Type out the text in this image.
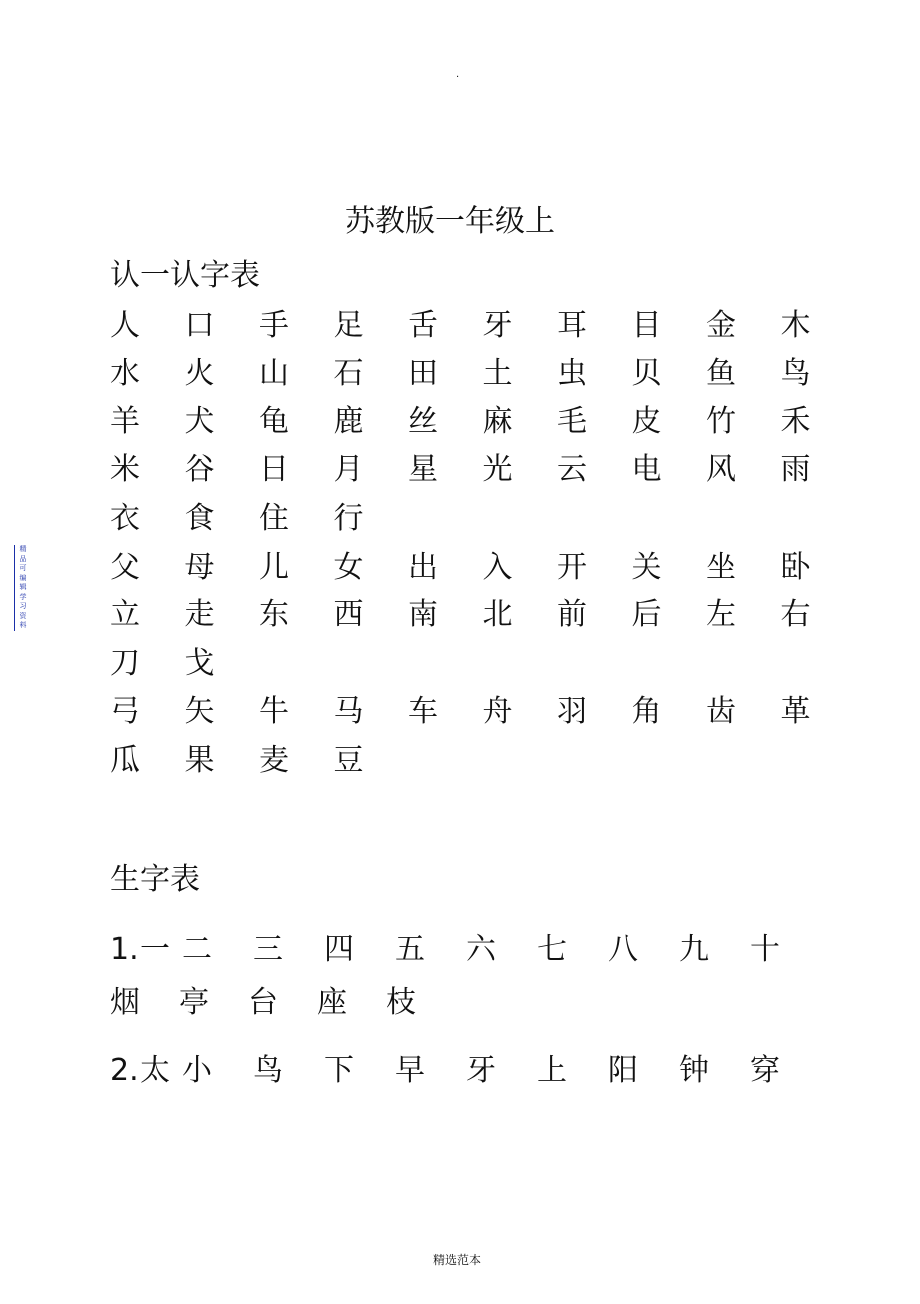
.
苏教版一年级上
认一认字表
人 口 手 足 舌 牙 耳 目 金 木
水 火 山 石 田 土 虫 贝 鱼 鸟
羊 犬 龟 鹿 丝 麻 毛 皮 竹 禾
米 谷 日 月 星 光 云 电 风 雨
衣 食 住 行
父 母 儿 女 出 入 开 关 坐 卧
立 走 东 西 南 北 前 后 左 右
刀 戈
弓 矢 牛 马 车 舟 羽 角 齿 革
瓜 果 麦 豆
生字表
1.一 二 三 四 五 六 七 八 九 十
烟 亭 台 座 枝
2.太 小 鸟 下 早 牙 上 阳 钟 穿
精
品
可
编
辑
学
习
资
料
精选范本
